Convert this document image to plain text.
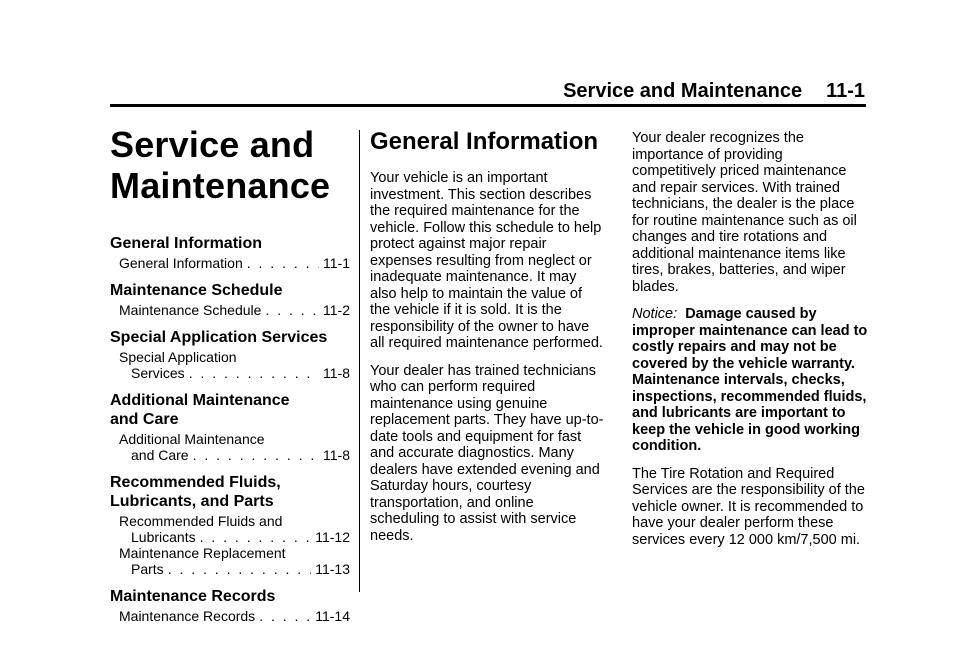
Service and Maintenance 11-1
Service and
Maintenance
General Information
General Information . . .	11-1
Maintenance Schedule
Maintenance Schedule . . .	11-2
Special Application Services
Special Application
Services . . .	11-8
Additional Maintenance
and Care
Additional Maintenance
and Care . . .	11-8
Recommended Fluids,
Lubricants, and Parts
Recommended Fluids and
Lubricants . . .	11-12
Maintenance Replacement
Parts . . .	11-13
Maintenance Records
Maintenance Records . . .	11-14
General Information

Your vehicle is an important investment. This section describes the required maintenance for the vehicle. Follow this schedule to help protect against major repair expenses resulting from neglect or inadequate maintenance. It may also help to maintain the value of the vehicle if it is sold. It is the responsibility of the owner to have all required maintenance performed.

Your dealer has trained technicians who can perform required maintenance using genuine replacement parts. They have up-to-date tools and equipment for fast and accurate diagnostics. Many dealers have extended evening and Saturday hours, courtesy transportation, and online scheduling to assist with service needs.

Your dealer recognizes the importance of providing competitively priced maintenance and repair services. With trained technicians, the dealer is the place for routine maintenance such as oil changes and tire rotations and additional maintenance items like tires, brakes, batteries, and wiper blades.

Notice: Damage caused by improper maintenance can lead to costly repairs and may not be covered by the vehicle warranty. Maintenance intervals, checks, inspections, recommended fluids, and lubricants are important to keep the vehicle in good working condition.

The Tire Rotation and Required Services are the responsibility of the vehicle owner. It is recommended to have your dealer perform these services every 12 000 km/7,500 mi.
